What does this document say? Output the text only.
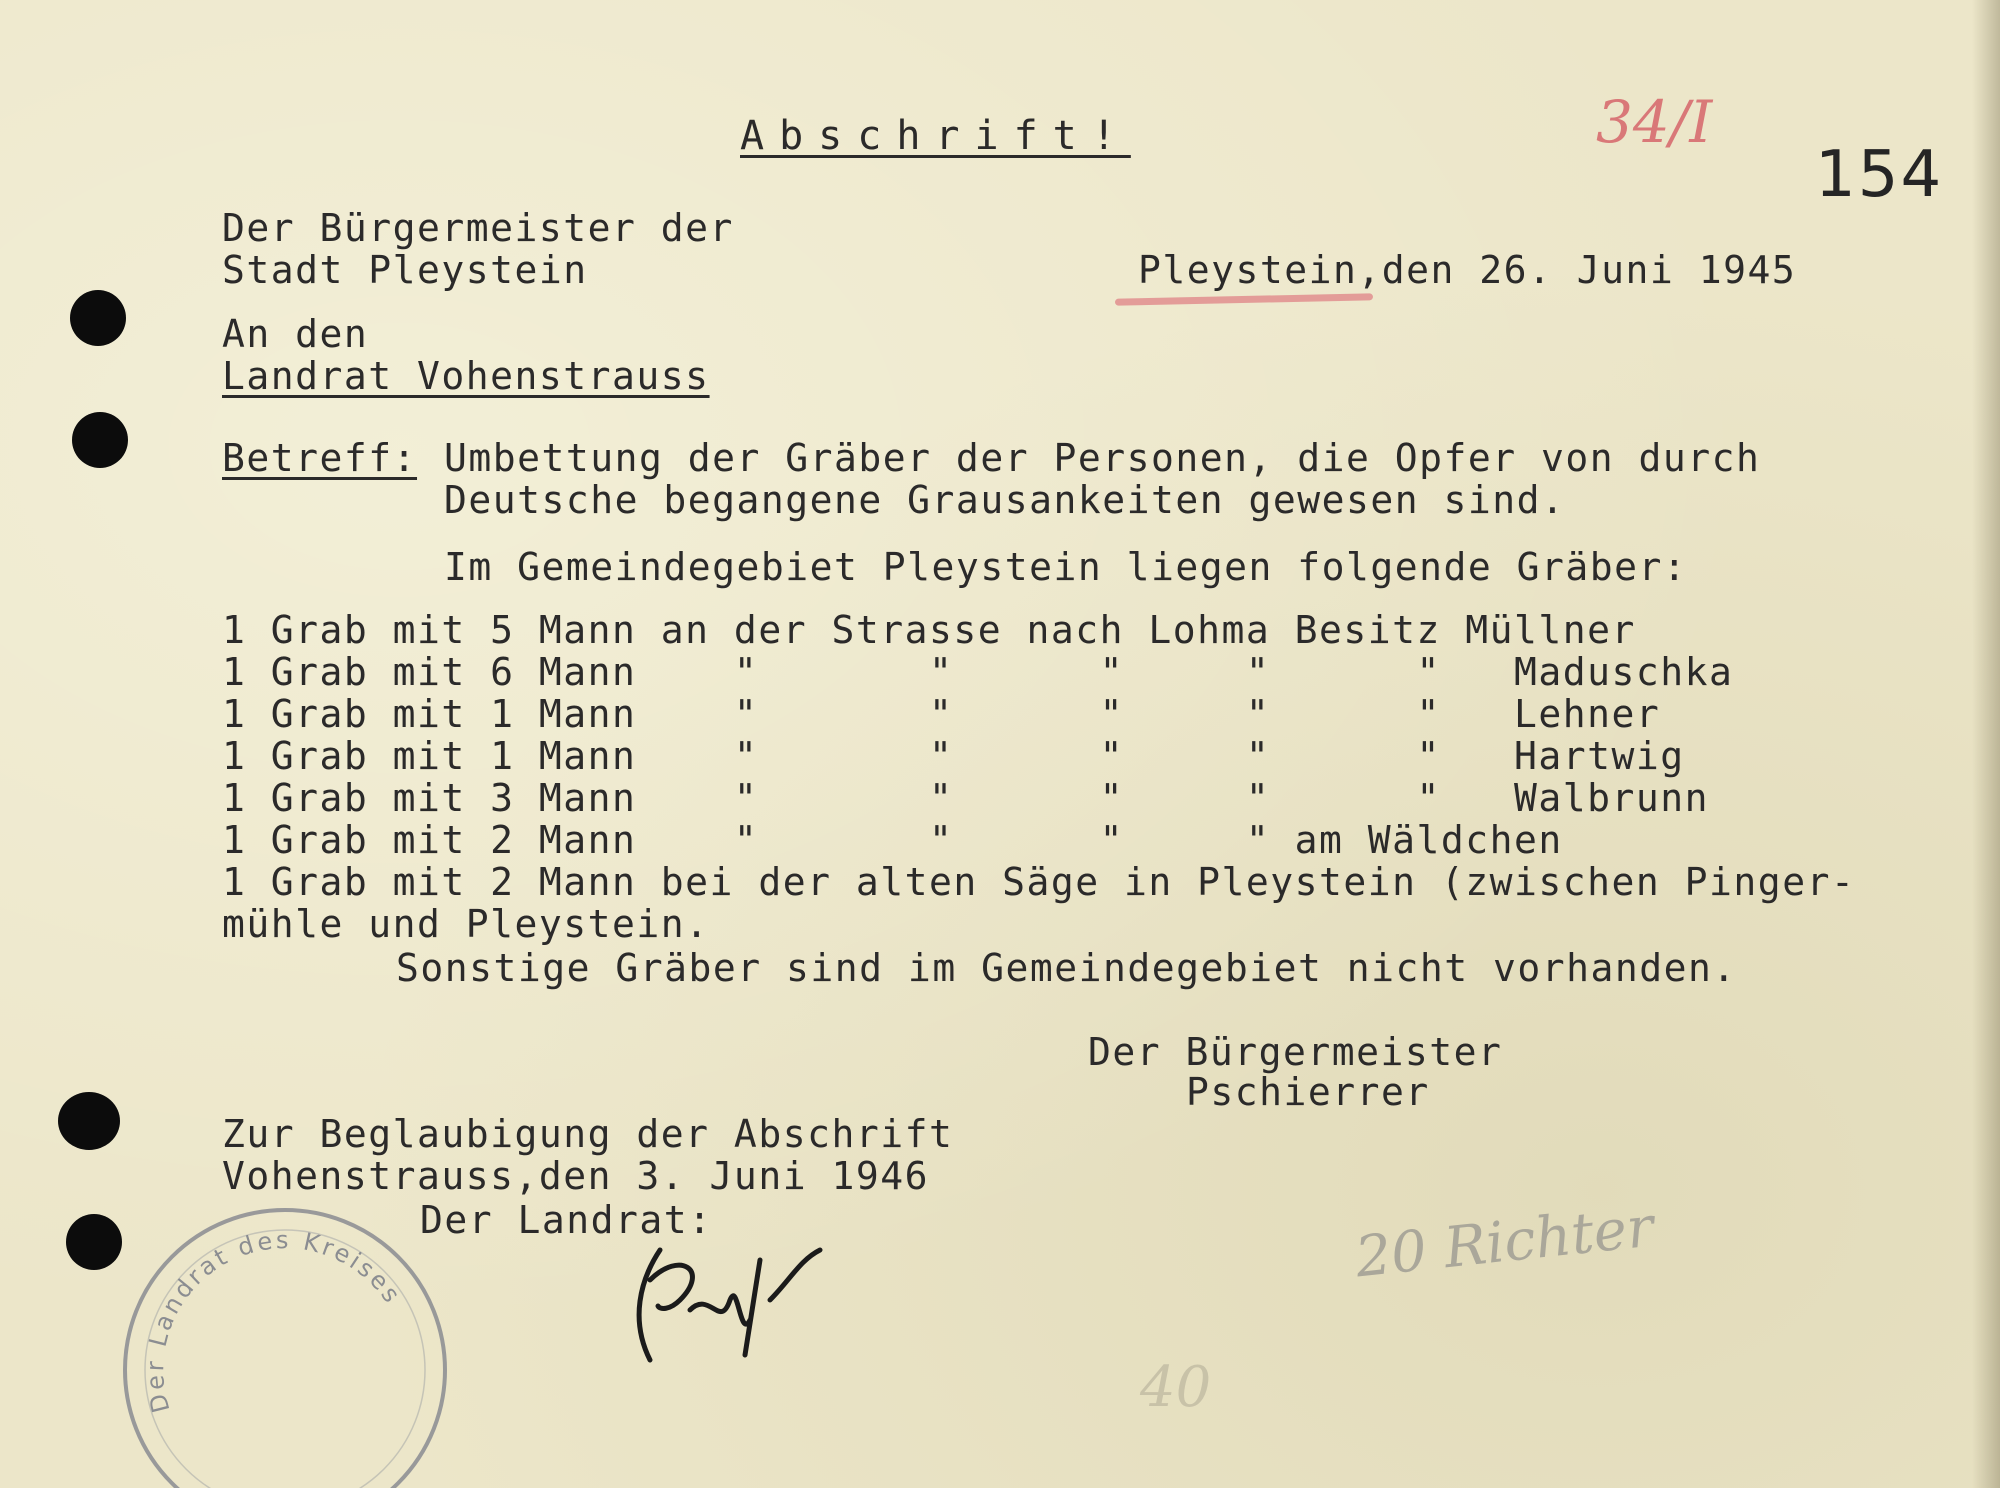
Abschrift!	34/I
154
Der Bürgermeister der
Stadt Pleystein	Pleystein,den 26. Juni 1945
An den
Landrat Vohenstrauss
Betreff: Umbettung der Gräber der Personen, die Opfer von durch
Deutsche begangene Grausankeiten gewesen sind.
Im Gemeindegebiet Pleystein liegen folgende Gräber:
1 Grab mit 5 Mann an der Strasse nach Lohma Besitz Müllner
1 Grab mit 6 Mann    "       "      "     "      "   Maduschka
1 Grab mit 1 Mann    "       "      "     "      "   Lehner
1 Grab mit 1 Mann    "       "      "     "      "   Hartwig
1 Grab mit 3 Mann    "       "      "     "      "   Walbrunn
1 Grab mit 2 Mann    "       "      "     " am Wäldchen
1 Grab mit 2 Mann bei der alten Säge in Pleystein (zwischen Pinger-
mühle und Pleystein.
Sonstige Gräber sind im Gemeindegebiet nicht vorhanden.
Der Bürgermeister
Pschierrer
Zur Beglaubigung der Abschrift
Vohenstrauss,den 3. Juni 1946
Der Landrat:
Der Landrat des Kreises
20 Richter
40
